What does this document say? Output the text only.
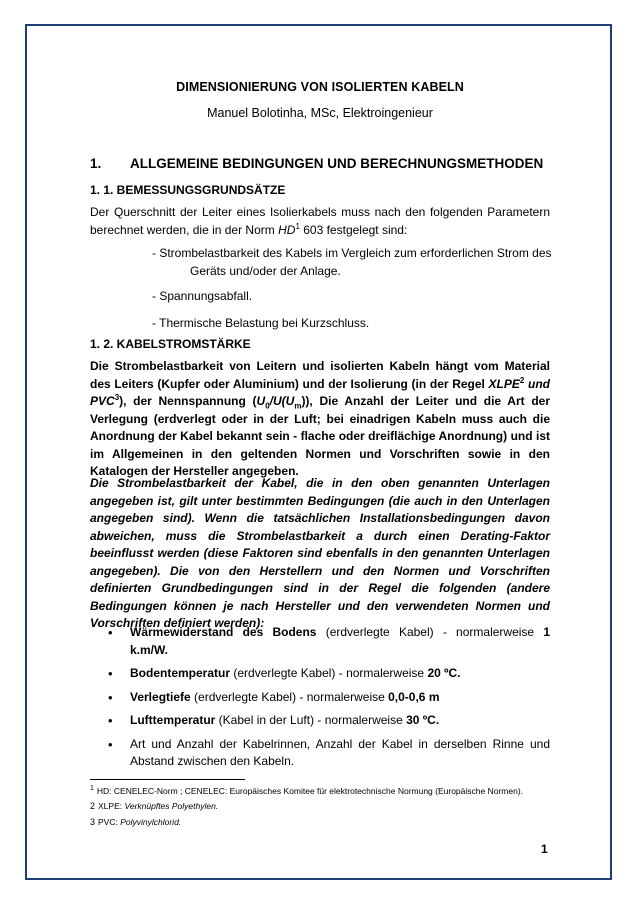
DIMENSIONIERUNG VON ISOLIERTEN KABELN
Manuel Bolotinha, MSc, Elektroingenieur
1.	ALLGEMEINE BEDINGUNGEN UND BERECHNUNGSMETHODEN
1. 1. BEMESSUNGSGRUNDSÄTZE
Der Querschnitt der Leiter eines Isolierkabels muss nach den folgenden Parametern berechnet werden, die in der Norm $HD^1$ 603 festgelegt sind:
- Strombelastbarkeit des Kabels im Vergleich zum erforderlichen Strom des
Geräts und/oder der Anlage.
- Spannungsabfall.
- Thermische Belastung bei Kurzschluss.
1. 2. KABELSTROMSTÄRKE
Die Strombelastbarkeit von Leitern und isolierten Kabeln hängt vom Material des Leiters (Kupfer oder Aluminium) und der Isolierung (in der Regel XLPE$^2$ und PVC$^3$), der Nennspannung $(U_0/U(U_m))$, Die Anzahl der Leiter und die Art der Verlegung (erdverlegt oder in der Luft; bei einadrigen Kabeln muss auch die Anordnung der Kabel bekannt sein - flache oder dreiflächige Anordnung) und ist im Allgemeinen in den geltenden Normen und Vorschriften sowie in den Katalogen der Hersteller angegeben.
Die Strombelastbarkeit der Kabel, die in den oben genannten Unterlagen angegeben ist, gilt unter bestimmten Bedingungen (die auch in den Unterlagen angegeben sind). Wenn die tatsächlichen Installationsbedingungen davon abweichen, muss die Strombelastbarkeit a durch einen Derating-Faktor beeinflusst werden (diese Faktoren sind ebenfalls in den genannten Unterlagen angegeben). Die von den Herstellern und den Normen und Vorschriften definierten Grundbedingungen sind in der Regel die folgenden (andere Bedingungen können je nach Hersteller und den verwendeten Normen und Vorschriften definiert werden):
• Wärmewiderstand des Bodens (erdverlegte Kabel) - normalerweise 1 k.m/W.
• Bodentemperatur (erdverlegte Kabel) - normalerweise 20 ºC.
• Verlegtiefe (erdverlegte Kabel) - normalerweise 0,0-0,6 m
• Lufttemperatur (Kabel in der Luft) - normalerweise 30 ºC.
• Art und Anzahl der Kabelrinnen, Anzahl der Kabel in derselben Rinne und Abstand zwischen den Kabeln.
$^1$ HD: CENELEC-Norm ; CENELEC: Europäisches Komitee für elektrotechnische Normung (Europäische Normen).
2 XLPE: Verknüpftes Polyethylen.
3 PVC: Polyvinylchlorid.
1
